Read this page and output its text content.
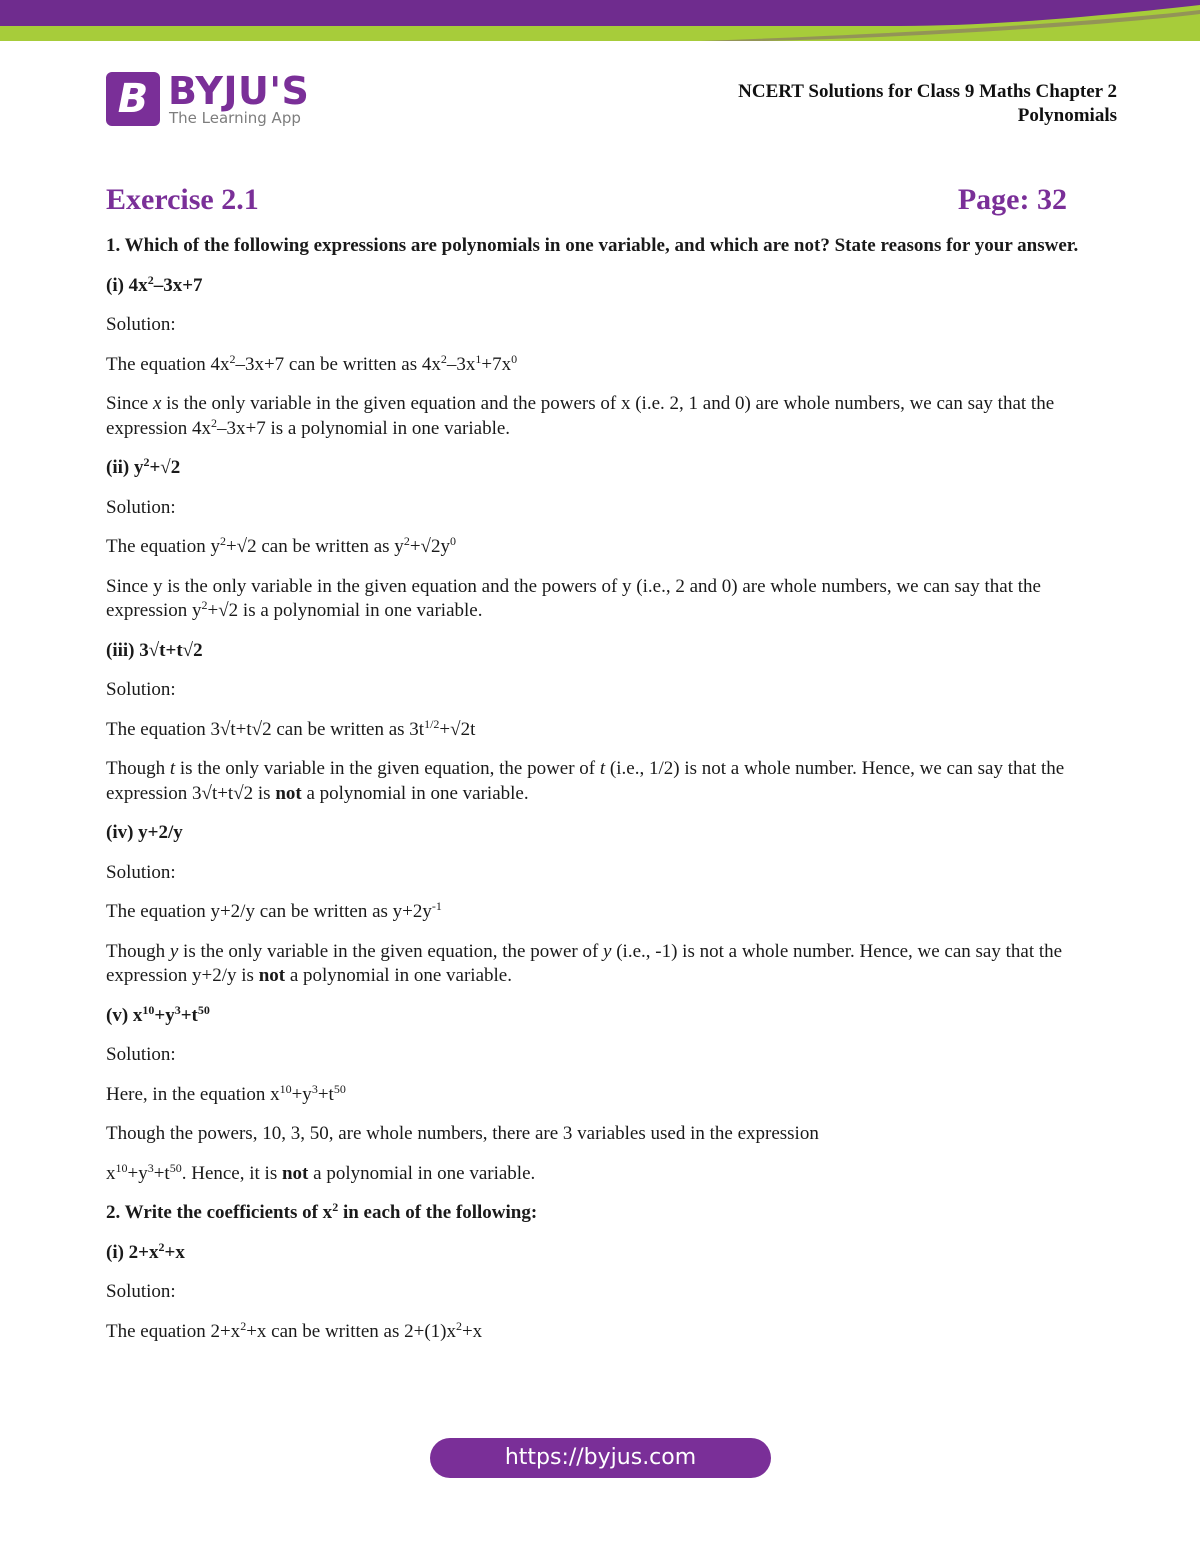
B BYJU'S
The Learning App
NCERT Solutions for Class 9 Maths Chapter 2
Polynomials
Exercise 2.1	Page: 32

1. Which of the following expressions are polynomials in one variable, and which are not? State reasons for your answer.

(i) $4x^2-3x+7$

Solution:

The equation $4x^2-3x+7$ can be written as $4x^2-3x^1+7x^0$

Since x is the only variable in the given equation and the powers of x (i.e. 2, 1 and 0) are whole numbers, we can say that the expression $4x^2-3x+7$ is a polynomial in one variable.

(ii) $y^2+√2$

Solution:

The equation $y^2+√2$ can be written as $y^2+√2y^0$

Since y is the only variable in the given equation and the powers of y (i.e., 2 and 0) are whole numbers, we can say that the expression $y^2+√2$ is a polynomial in one variable.

(iii) 3√t+t√2

Solution:

The equation 3√t+t√2 can be written as $3t^{1/2}+√2t$

Though t is the only variable in the given equation, the power of t (i.e., 1/2) is not a whole number. Hence, we can say that the expression 3√t+t√2 is not a polynomial in one variable.

(iv) y+2/y

Solution:

The equation y+2/y can be written as $y+2y^{-1}$

Though y is the only variable in the given equation, the power of y (i.e., -1) is not a whole number. Hence, we can say that the expression y+2/y is not a polynomial in one variable.

(v) $x^{10}+y^3+t^{50}$

Solution:

Here, in the equation $x^{10}+y^3+t^{50}$

Though the powers, 10, 3, 50, are whole numbers, there are 3 variables used in the expression

$x^{10}+y^3+t^{50}$. Hence, it is not a polynomial in one variable.

2. Write the coefficients of $x^2$ in each of the following:

(i) $2+x^2+x$

Solution:

The equation $2+x^2+x$ can be written as $2+(1)x^2+x$

https://byjus.com
